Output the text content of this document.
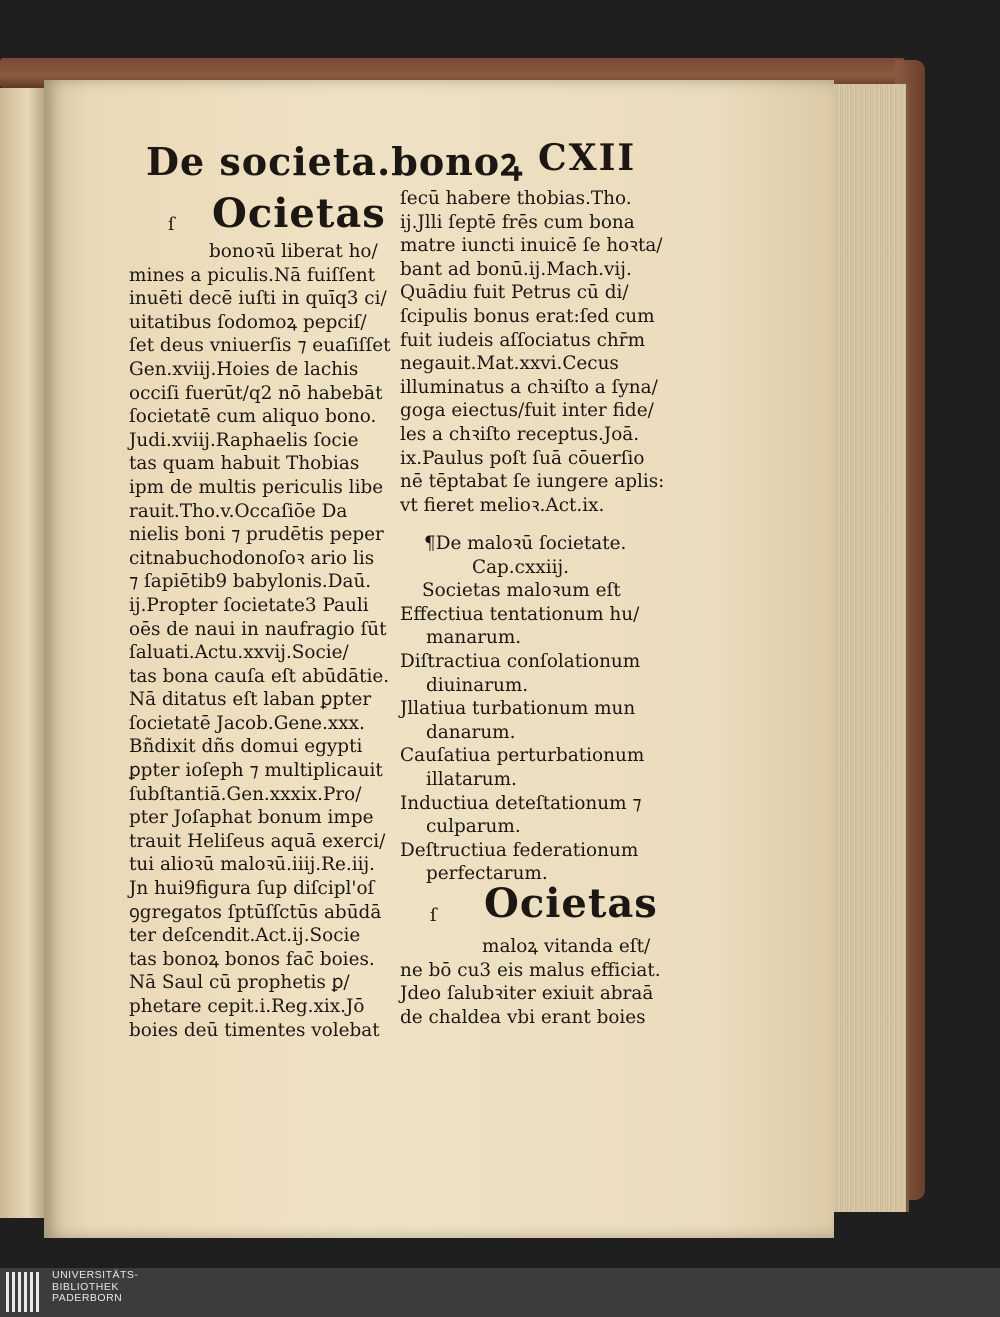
De societa.bonoꝝ CXII
ſ Ocietas
bonoꝛū liberat ho/
mines a piculis.Nā fuiſſent
inuēti decē iuſti in quīq3 ci/
uitatibus ſodomoꝝ pepciſ/
ſet deus vniuerſis ⁊ euaſiſſet
Gen.xviij.Hoies de lachis
occiſi fuerūt/q2 nō habebāt
ſocietatē cum aliquo bono.
Judi.xviij.Raphaelis ſocie
tas quam habuit Thobias
ipm de multis periculis libe
rauit.Tho.v.Occaſiōe Da
nielis boni ⁊ prudētis peper
citnabuchodonoſoꝛ ario lis
⁊ ſapiētib9 babylonis.Daū.
ij.Propter ſocietate3 Pauli
oēs de naui in naufragio ſūt
ſaluati.Actu.xxvij.Socie/
tas bona cauſa eſt abūdātie.
Nā ditatus eſt laban ꝑpter
ſocietatē Jacob.Gene.xxx.
Bñdixit dñs domui egypti
ꝑpter ioſeph ⁊ multiplicauit
ſubſtantiā.Gen.xxxix.Pro/
pter Joſaphat bonum impe
trauit Heliſeus aquā exerci/
tui alioꝛū maloꝛū.iiij.Re.iij.
Jn hui9figura ſup diſcipl'oſ
ꝯgregatos ſptūſſctūs abūdā
ter deſcendit.Act.ij.Socie
tas bonoꝝ bonos fac̄ boies.
Nā Saul cū prophetis ꝑ/
phetare cepit.i.Reg.xix.Jō
boies deū timentes volebat
ſecū habere thobias.Tho.
ij.Jlli ſeptē frēs cum bona
matre iuncti inuicē ſe hoꝛta/
bant ad bonū.ij.Mach.vij.
Quādiu fuit Petrus cū di/
ſcipulis bonus erat:ſed cum
fuit iudeis aſſociatus chr̄m
negauit.Mat.xxvi.Cecus
illuminatus a chꝛiſto a ſyna/
goga eiectus/fuit inter fide/
les a chꝛiſto receptus.Joā.
ix.Paulus poſt ſuā cōuerſio
nē tēptabat ſe iungere aplis:
vt fieret melioꝛ.Act.ix.
¶De maloꝛū ſocietate.
Cap.cxxiij.
Societas maloꝛum eſt
Effectiua tentationum hu/
manarum.
Diſtractiua conſolationum
diuinarum.
Jllatiua turbationum mun
danarum.
Cauſatiua perturbationum
illatarum.
Inductiua deteſtationum ⁊
culparum.
Deſtructiua federationum
perfectarum.
ſ Ocietas
maloꝝ vitanda eſt/
ne bō cu3 eis malus efficiat.
Jdeo ſalubꝛiter exiuit abraā
de chaldea vbi erant boies
UNIVERSITÄTS-
BIBLIOTHEK
PADERBORN
